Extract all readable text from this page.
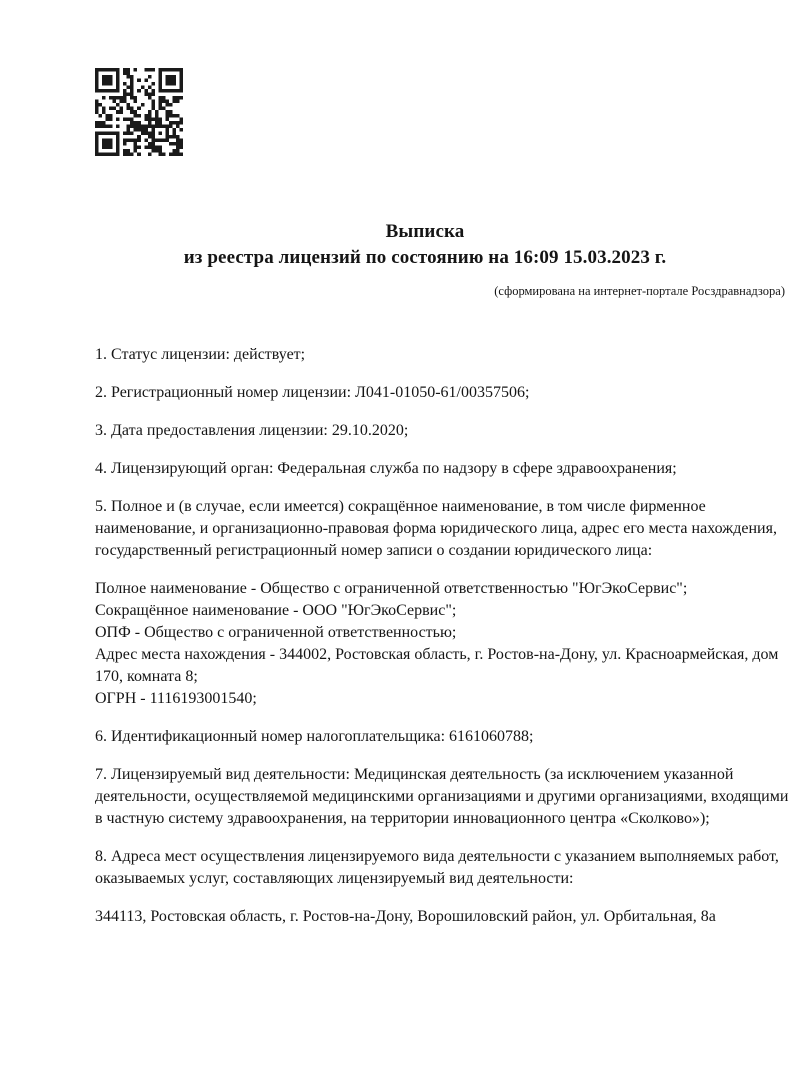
Выписка
из реестра лицензий по состоянию на 16:09 15.03.2023 г.
(сформирована на интернет-портале Росздравнадзора)

1. Статус лицензии: действует;

2. Регистрационный номер лицензии: Л041-01050-61/00357506;

3. Дата предоставления лицензии: 29.10.2020;

4. Лицензирующий орган: Федеральная служба по надзору в сфере здравоохранения;

5. Полное и (в случае, если имеется) сокращённое наименование, в том числе фирменное наименование, и организационно-правовая форма юридического лица, адрес его места нахождения, государственный регистрационный номер записи о создании юридического лица:

Полное наименование - Общество с ограниченной ответственностью "ЮгЭкоСервис";
Сокращённое наименование - ООО "ЮгЭкоСервис";
ОПФ - Общество с ограниченной ответственностью;
Адрес места нахождения - 344002, Ростовская область, г. Ростов-на-Дону, ул. Красноармейская, дом 170, комната 8;
ОГРН - 1116193001540;

6. Идентификационный номер налогоплательщика: 6161060788;

7. Лицензируемый вид деятельности: Медицинская деятельность (за исключением указанной деятельности, осуществляемой медицинскими организациями и другими организациями, входящими в частную систему здравоохранения, на территории инновационного центра «Сколково»);

8. Адреса мест осуществления лицензируемого вида деятельности с указанием выполняемых работ, оказываемых услуг, составляющих лицензируемый вид деятельности:

344113, Ростовская область, г. Ростов-на-Дону, Ворошиловский район, ул. Орбитальная, 8а
